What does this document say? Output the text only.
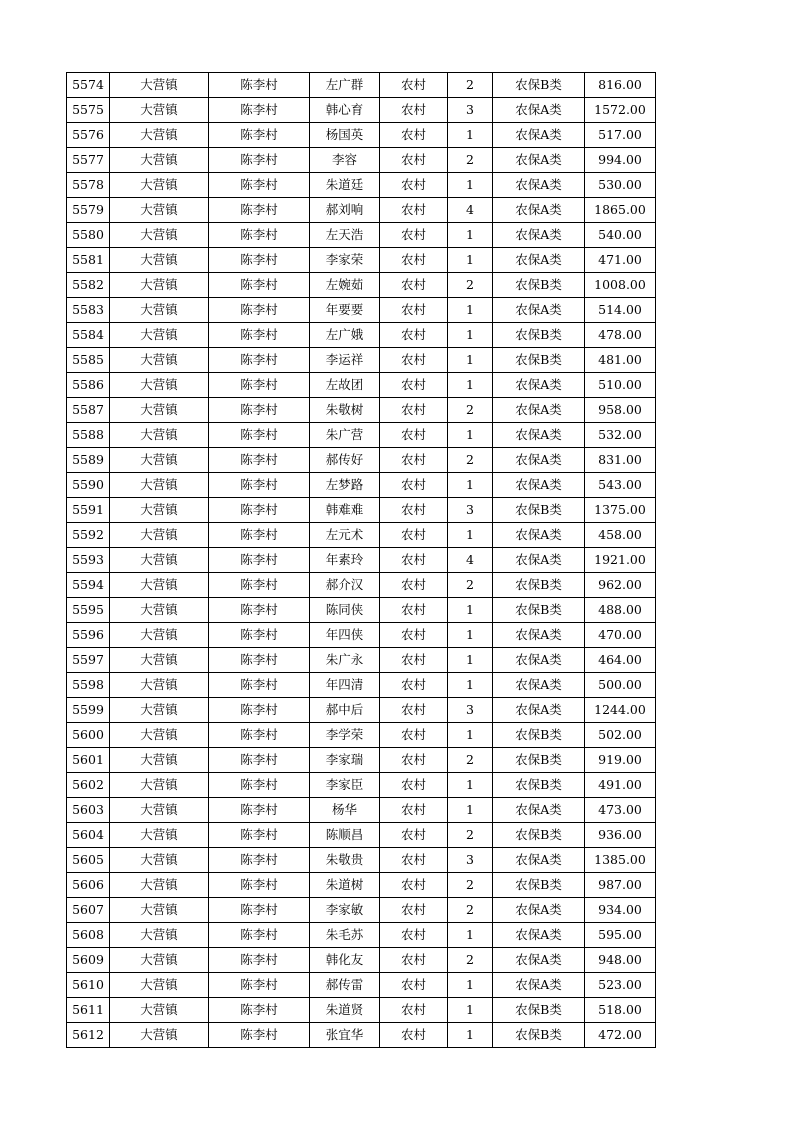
5574	大营镇	陈李村	左广群	农村	2	农保B类	816.00
5575	大营镇	陈李村	韩心育	农村	3	农保A类	1572.00
5576	大营镇	陈李村	杨国英	农村	1	农保A类	517.00
5577	大营镇	陈李村	李容	农村	2	农保A类	994.00
5578	大营镇	陈李村	朱道廷	农村	1	农保A类	530.00
5579	大营镇	陈李村	郝刘响	农村	4	农保A类	1865.00
5580	大营镇	陈李村	左天浩	农村	1	农保A类	540.00
5581	大营镇	陈李村	李家荣	农村	1	农保A类	471.00
5582	大营镇	陈李村	左婉茹	农村	2	农保B类	1008.00
5583	大营镇	陈李村	年要要	农村	1	农保A类	514.00
5584	大营镇	陈李村	左广娥	农村	1	农保B类	478.00
5585	大营镇	陈李村	李运祥	农村	1	农保B类	481.00
5586	大营镇	陈李村	左故团	农村	1	农保A类	510.00
5587	大营镇	陈李村	朱敬树	农村	2	农保A类	958.00
5588	大营镇	陈李村	朱广营	农村	1	农保A类	532.00
5589	大营镇	陈李村	郝传好	农村	2	农保A类	831.00
5590	大营镇	陈李村	左梦路	农村	1	农保A类	543.00
5591	大营镇	陈李村	韩难难	农村	3	农保B类	1375.00
5592	大营镇	陈李村	左元术	农村	1	农保A类	458.00
5593	大营镇	陈李村	年素玲	农村	4	农保A类	1921.00
5594	大营镇	陈李村	郝介汉	农村	2	农保B类	962.00
5595	大营镇	陈李村	陈同侠	农村	1	农保B类	488.00
5596	大营镇	陈李村	年四侠	农村	1	农保A类	470.00
5597	大营镇	陈李村	朱广永	农村	1	农保A类	464.00
5598	大营镇	陈李村	年四清	农村	1	农保A类	500.00
5599	大营镇	陈李村	郝中后	农村	3	农保A类	1244.00
5600	大营镇	陈李村	李学荣	农村	1	农保B类	502.00
5601	大营镇	陈李村	李家瑞	农村	2	农保B类	919.00
5602	大营镇	陈李村	李家臣	农村	1	农保B类	491.00
5603	大营镇	陈李村	杨华	农村	1	农保A类	473.00
5604	大营镇	陈李村	陈顺昌	农村	2	农保B类	936.00
5605	大营镇	陈李村	朱敬贵	农村	3	农保A类	1385.00
5606	大营镇	陈李村	朱道树	农村	2	农保B类	987.00
5607	大营镇	陈李村	李家敏	农村	2	农保A类	934.00
5608	大营镇	陈李村	朱毛苏	农村	1	农保A类	595.00
5609	大营镇	陈李村	韩化友	农村	2	农保A类	948.00
5610	大营镇	陈李村	郝传雷	农村	1	农保A类	523.00
5611	大营镇	陈李村	朱道贤	农村	1	农保B类	518.00
5612	大营镇	陈李村	张宜华	农村	1	农保B类	472.00
